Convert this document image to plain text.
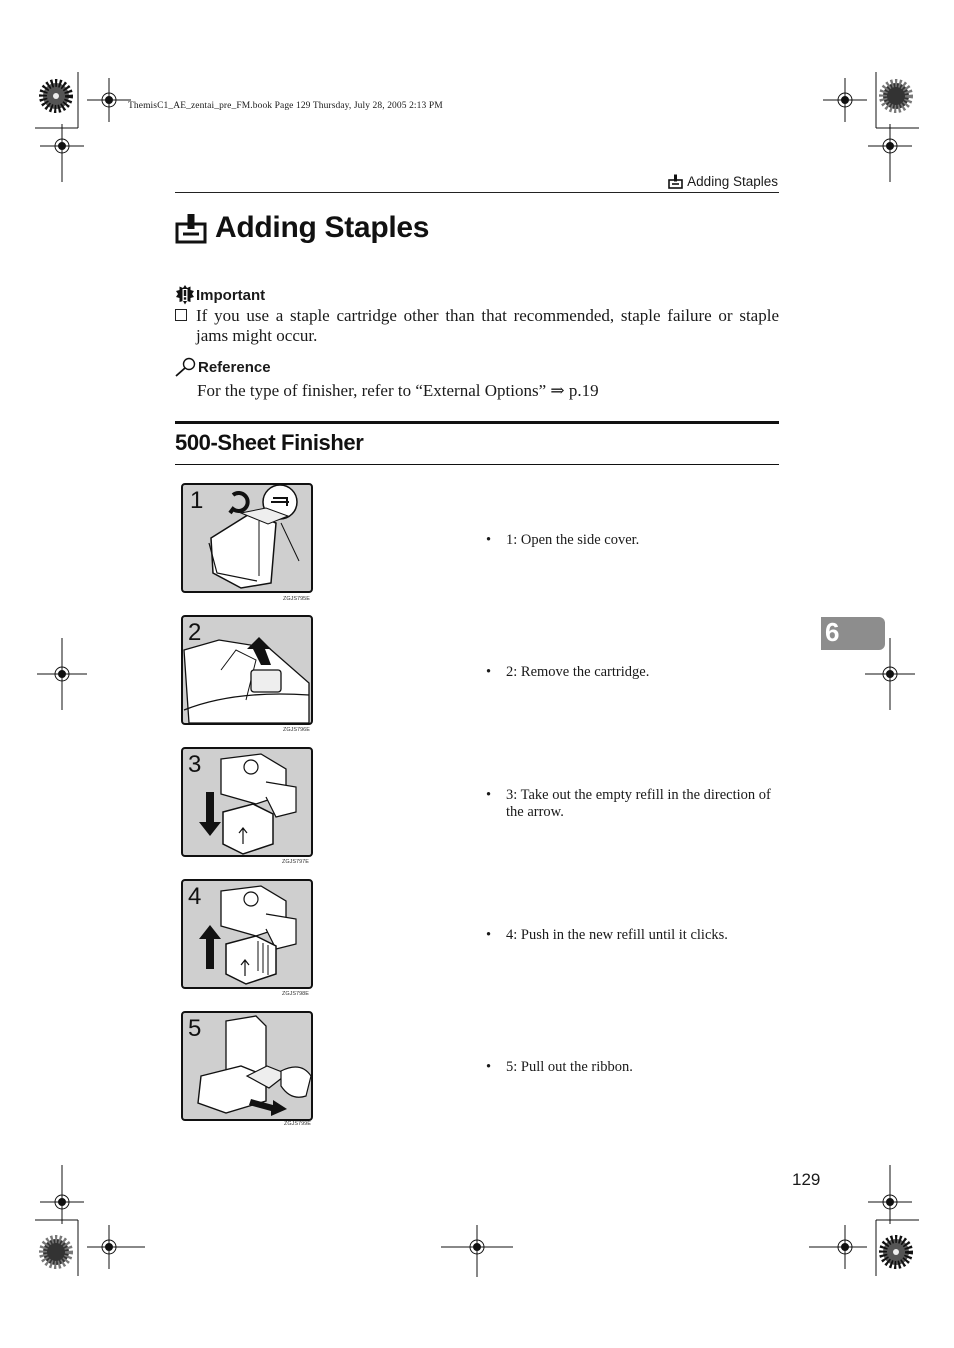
ThemisC1_AE_zentai_pre_FM.book Page 129 Thursday, July 28, 2005 2:13 PM
Adding Staples
Adding Staples
Important
If you use a staple cartridge other than that recommended, staple failure or staple jams might occur.
Reference
For the type of finisher, refer to “External Options” ⇒ p.19
500-Sheet Finisher
1
ZGJS795E
• 1: Open the side cover.
2
ZGJS796E
• 2: Remove the cartridge.
3
ZGJS797E
• 3: Take out the empty refill in the direction of the arrow.
4
ZGJS798E
• 4: Push in the new refill until it clicks.
5
ZGJS799E
• 5: Pull out the ribbon.
6
129
